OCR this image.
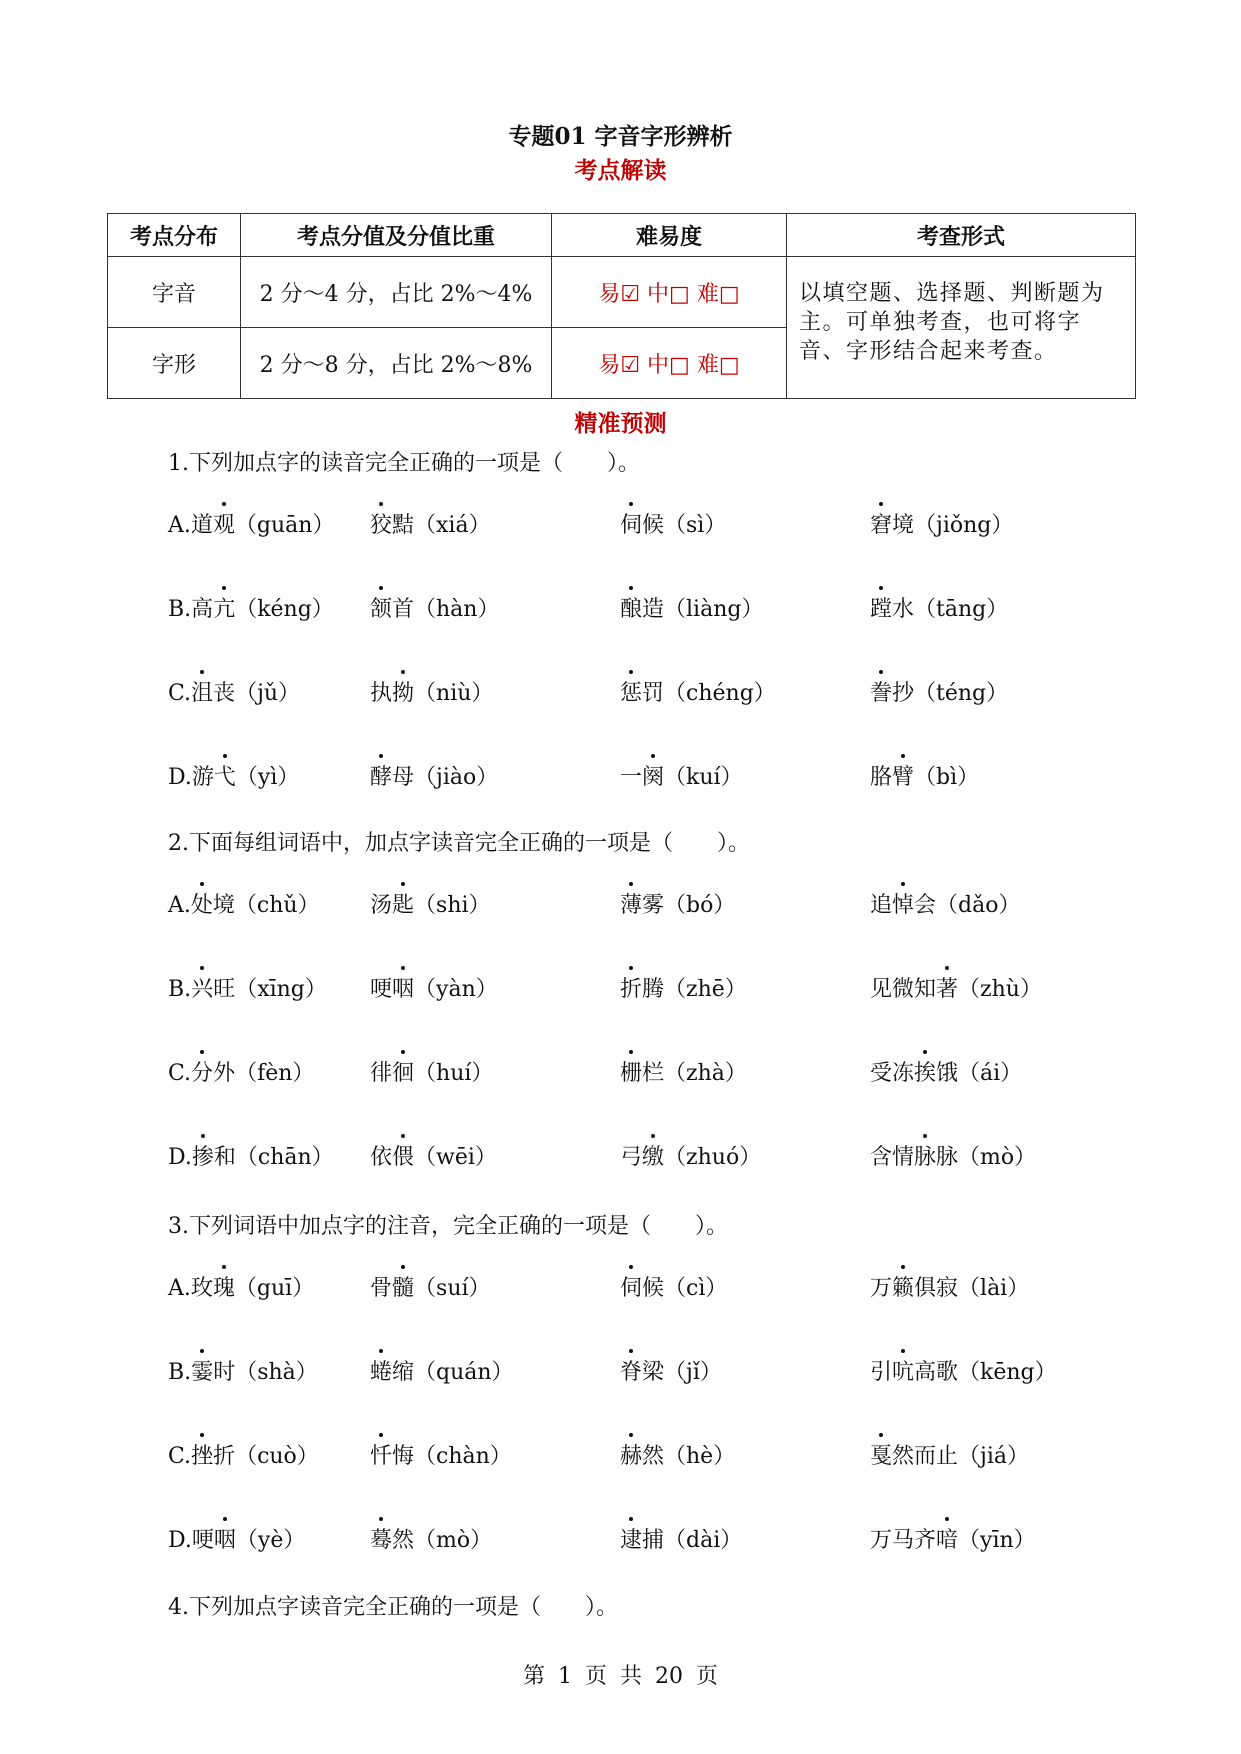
专题01 字音字形辨析
考点解读
考点分布	考点分值及分值比重	难易度	考查形式
字音	2 分～4 分，占比 2%～4%	易☑ 中□ 难□	以填空题、选择题、判断题为主。可单独考查，也可将字音、字形结合起来考查。
字形	2 分～8 分，占比 2%～8%	易☑ 中□ 难□	
精准预测
1.下列加点字的读音完全正确的一项是（　　）。
A.道观（guān） 狡黠（xiá）	伺候（sì）	窘境（jiǒng）
B.高亢（kéng） 颔首（hàn）	酿造（liàng）	蹚水（tāng）
C.沮丧（jǔ）	执拗（niù）	惩罚（chéng）	誊抄（téng）
D.游弋（yì）	酵母（jiào）	一阕（kuí）	胳臂（bì）
2.下面每组词语中，加点字读音完全正确的一项是（　　）。
A.处境（chǔ） 汤匙（shi）	薄雾（bó）	追悼会（dǎo）
B.兴旺（xīng） 哽咽（yàn）	折腾（zhē）	见微知著（zhù）
C.分外（fèn）	徘徊（huí）	栅栏（zhà）	受冻挨饿（ái）
D.掺和（chān） 依偎（wēi）	弓缴（zhuó）	含情脉脉（mò）
3.下列词语中加点字的注音，完全正确的一项是（　　）。
A.玫瑰（guī）	骨髓（suí）	伺候（cì）	万籁俱寂（lài）
B.霎时（shà） 蜷缩（quán）	脊梁（jǐ）	引吭高歌（kēng）
C.挫折（cuò） 忏悔（chàn）	赫然（hè）	戛然而止（jiá）
D.哽咽（yè）	蓦然（mò）	逮捕（dài）	万马齐喑（yīn）
4.下列加点字读音完全正确的一项是（　　）。
第 1 页 共 20 页
